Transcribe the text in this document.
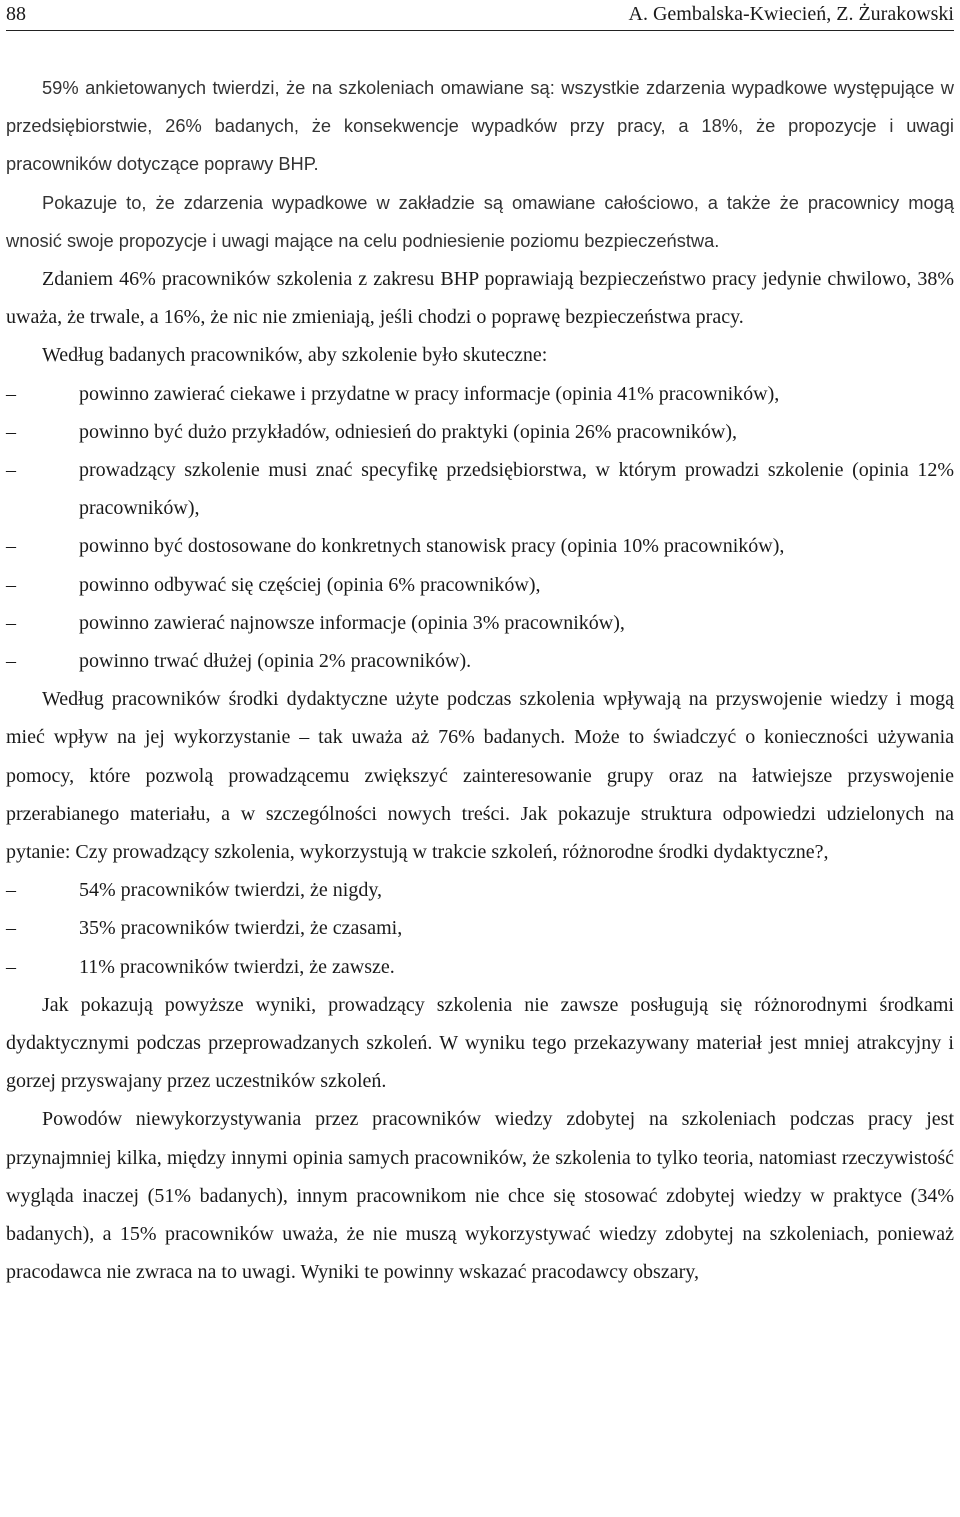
88	A. Gembalska-Kwiecień, Z. Żurakowski

59% ankietowanych twierdzi, że na szkoleniach omawiane są: wszystkie zdarzenia wypadkowe występujące w przedsiębiorstwie, 26% badanych, że konsekwencje wypadków przy pracy, a 18%, że propozycje i uwagi pracowników dotyczące poprawy BHP.

Pokazuje to, że zdarzenia wypadkowe w zakładzie są omawiane całościowo, a także że pracownicy mogą wnosić swoje propozycje i uwagi mające na celu podniesienie poziomu bezpieczeństwa.

Zdaniem 46% pracowników szkolenia z zakresu BHP poprawiają bezpieczeństwo pracy jedynie chwilowo, 38% uważa, że trwale, a 16%, że nic nie zmieniają, jeśli chodzi o poprawę bezpieczeństwa pracy.

Według badanych pracowników, aby szkolenie było skuteczne:

–	powinno zawierać ciekawe i przydatne w pracy informacje (opinia 41% pracowników),
–	powinno być dużo przykładów, odniesień do praktyki (opinia 26% pracowników),
–	prowadzący szkolenie musi znać specyfikę przedsiębiorstwa, w którym prowadzi szkolenie (opinia 12% pracowników),
–	powinno być dostosowane do konkretnych stanowisk pracy (opinia 10% pracowników),
–	powinno odbywać się częściej (opinia 6% pracowników),
–	powinno zawierać najnowsze informacje (opinia 3% pracowników),
–	powinno trwać dłużej (opinia 2% pracowników).

Według pracowników środki dydaktyczne użyte podczas szkolenia wpływają na przyswojenie wiedzy i mogą mieć wpływ na jej wykorzystanie – tak uważa aż 76% badanych. Może to świadczyć o konieczności używania pomocy, które pozwolą prowadzącemu zwiększyć zainteresowanie grupy oraz na łatwiejsze przyswojenie przerabianego materiału, a w szczególności nowych treści. Jak pokazuje struktura odpowiedzi udzielonych na pytanie: Czy prowadzący szkolenia, wykorzystują w trakcie szkoleń, różnorodne środki dydaktyczne?,

–	54% pracowników twierdzi, że nigdy,
–	35% pracowników twierdzi, że czasami,
–	11% pracowników twierdzi, że zawsze.

Jak pokazują powyższe wyniki, prowadzący szkolenia nie zawsze posługują się różnorodnymi środkami dydaktycznymi podczas przeprowadzanych szkoleń. W wyniku tego przekazywany materiał jest mniej atrakcyjny i gorzej przyswajany przez uczestników szkoleń.

Powodów niewykorzystywania przez pracowników wiedzy zdobytej na szkoleniach podczas pracy jest przynajmniej kilka, między innymi opinia samych pracowników, że szkolenia to tylko teoria, natomiast rzeczywistość wygląda inaczej (51% badanych), innym pracownikom nie chce się stosować zdobytej wiedzy w praktyce (34% badanych), a 15% pracowników uważa, że nie muszą wykorzystywać wiedzy zdobytej na szkoleniach, ponieważ pracodawca nie zwraca na to uwagi. Wyniki te powinny wskazać pracodawcy obszary,
